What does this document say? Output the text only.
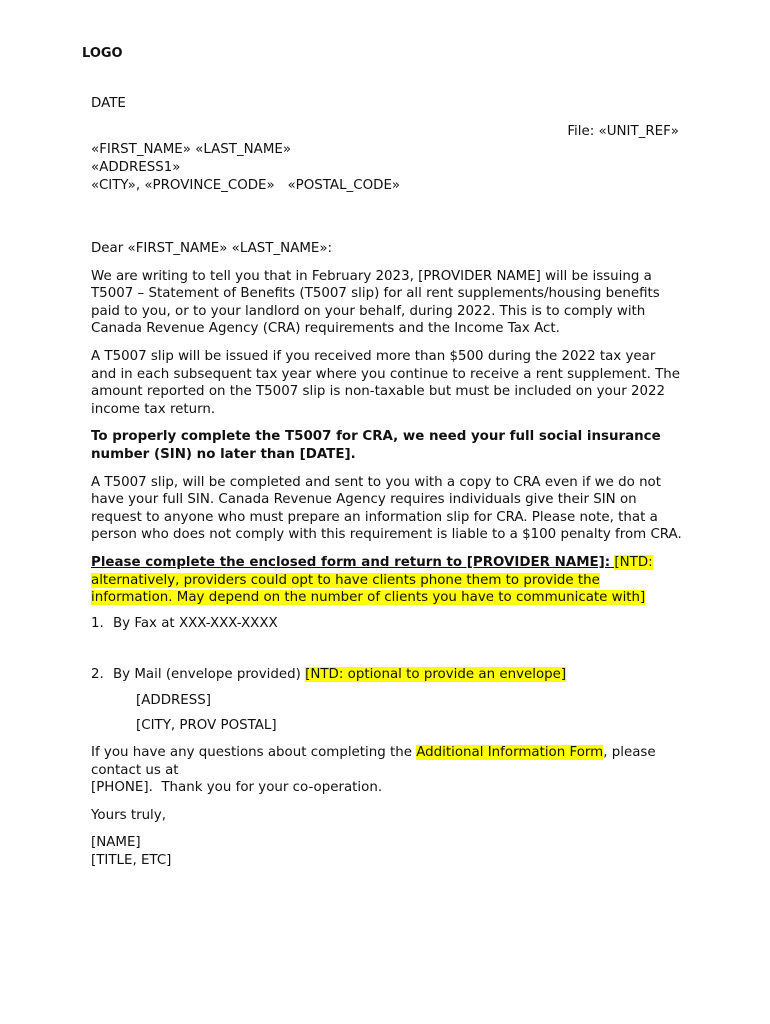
LOGO
DATE
File: «UNIT_REF»
«FIRST_NAME» «LAST_NAME»
«ADDRESS1»
«CITY», «PROVINCE_CODE»   «POSTAL_CODE»

Dear «FIRST_NAME» «LAST_NAME»:

We are writing to tell you that in February 2023, [PROVIDER NAME] will be issuing a T5007 – Statement of Benefits (T5007 slip) for all rent supplements/housing benefits paid to you, or to your landlord on your behalf, during 2022. This is to comply with Canada Revenue Agency (CRA) requirements and the Income Tax Act.

A T5007 slip will be issued if you received more than $500 during the 2022 tax year and in each subsequent tax year where you continue to receive a rent supplement. The amount reported on the T5007 slip is non-taxable but must be included on your 2022 income tax return.

To properly complete the T5007 for CRA, we need your full social insurance number (SIN) no later than [DATE].

A T5007 slip, will be completed and sent to you with a copy to CRA even if we do not have your full SIN. Canada Revenue Agency requires individuals give their SIN on request to anyone who must prepare an information slip for CRA. Please note, that a person who does not comply with this requirement is liable to a $100 penalty from CRA.

Please complete the enclosed form and return to [PROVIDER NAME]: [NTD: alternatively, providers could opt to have clients phone them to provide the information. May depend on the number of clients you have to communicate with]

1. By Fax at XXX-XXX-XXXX
2. By Mail (envelope provided) [NTD: optional to provide an envelope]

[ADDRESS]

[CITY, PROV POSTAL]

If you have any questions about completing the Additional Information Form, please contact us at
[PHONE].  Thank you for your co-operation.

Yours truly,

[NAME]
[TITLE, ETC]
